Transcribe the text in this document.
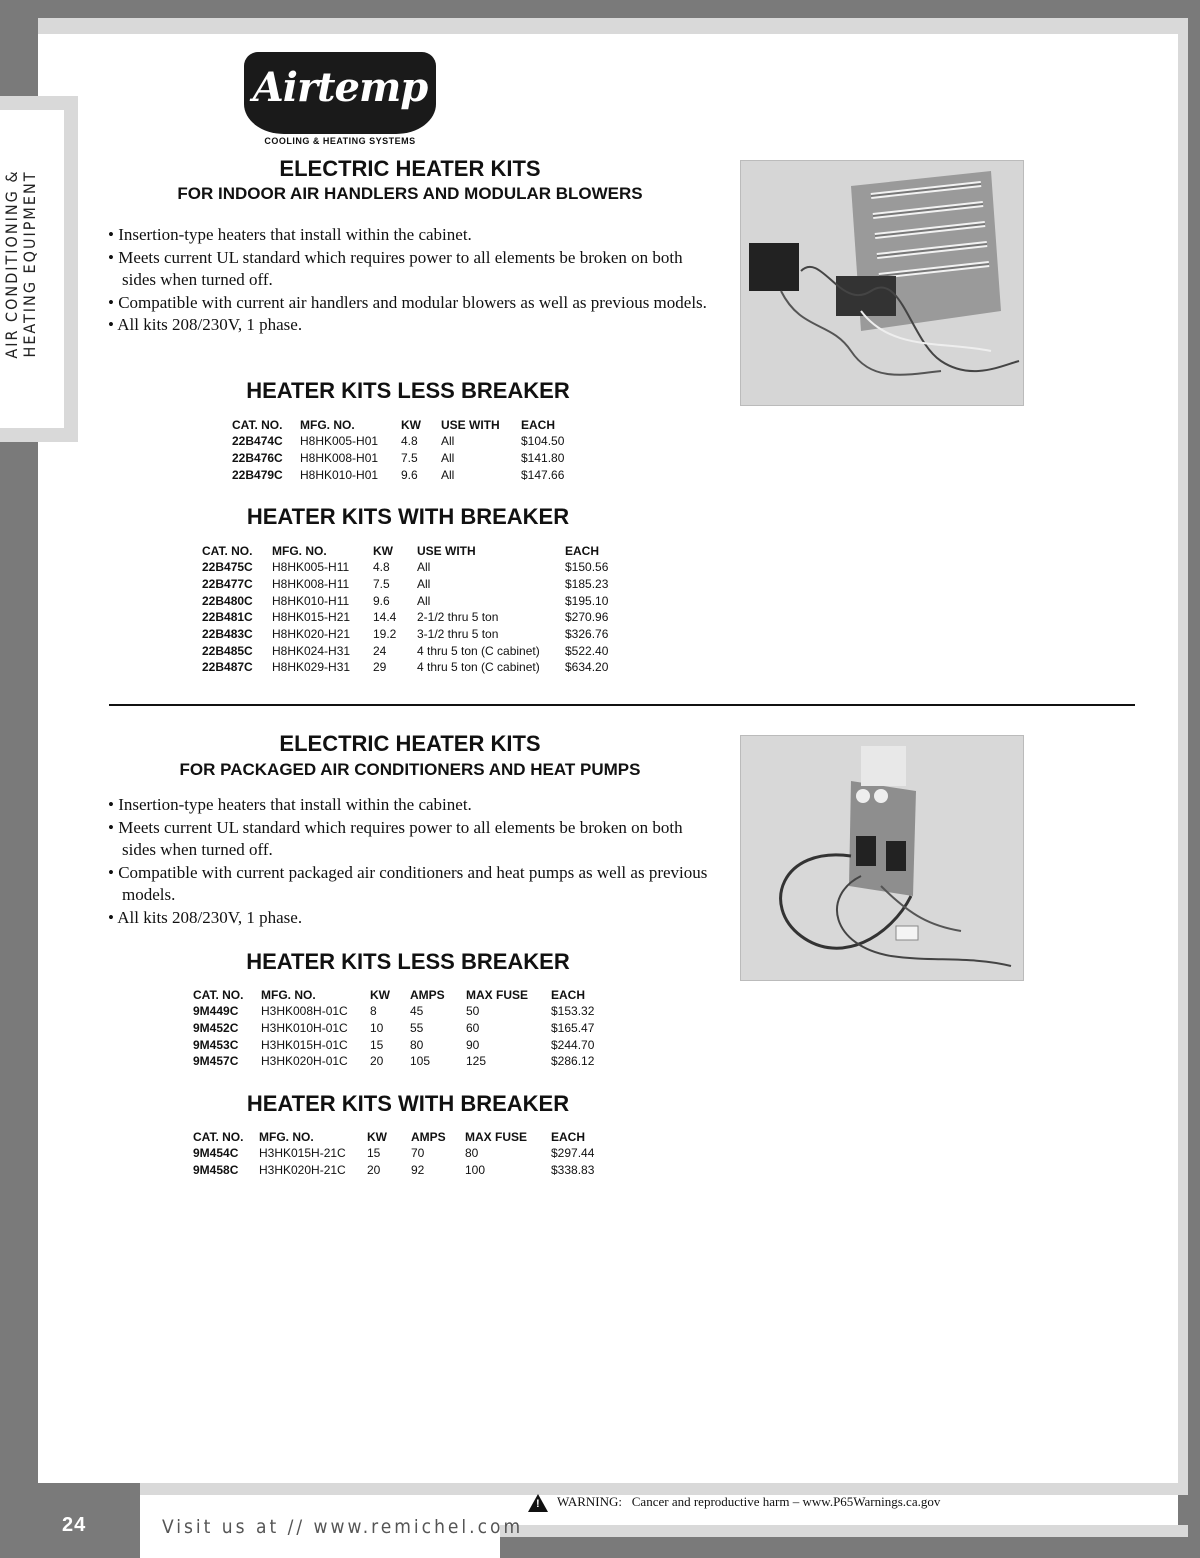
AIR CONDITIONING & HEATING EQUIPMENT
Airtemp
COOLING & HEATING SYSTEMS
ELECTRIC HEATER KITS
FOR INDOOR AIR HANDLERS AND MODULAR BLOWERS
• Insertion-type heaters that install within the cabinet.
• Meets current UL standard which requires power to all elements be broken on both sides when turned off.
• Compatible with current air handlers and modular blowers as well as previous models.
• All kits 208/230V, 1 phase.
HEATER KITS LESS BREAKER
CAT. NO.	MFG. NO.	KW	USE WITH	EACH
22B474C	H8HK005-H01	4.8	All	$104.50
22B476C	H8HK008-H01	7.5	All	$141.80
22B479C	H8HK010-H01	9.6	All	$147.66
HEATER KITS WITH BREAKER
CAT. NO.	MFG. NO.	KW	USE WITH	EACH
22B475C	H8HK005-H11	4.8	All	$150.56
22B477C	H8HK008-H11	7.5	All	$185.23
22B480C	H8HK010-H11	9.6	All	$195.10
22B481C	H8HK015-H21	14.4	2-1/2 thru 5 ton	$270.96
22B483C	H8HK020-H21	19.2	3-1/2 thru 5 ton	$326.76
22B485C	H8HK024-H31	24	4 thru 5 ton (C cabinet)	$522.40
22B487C	H8HK029-H31	29	4 thru 5 ton (C cabinet)	$634.20
ELECTRIC HEATER KITS
FOR PACKAGED AIR CONDITIONERS AND HEAT PUMPS
• Insertion-type heaters that install within the cabinet.
• Meets current UL standard which requires power to all elements be broken on both sides when turned off.
• Compatible with current packaged air conditioners and heat pumps as well as previous models.
• All kits 208/230V, 1 phase.
HEATER KITS LESS BREAKER
CAT. NO.	MFG. NO.	KW	AMPS	MAX FUSE	EACH
9M449C	H3HK008H-01C	8	45	50	$153.32
9M452C	H3HK010H-01C	10	55	60	$165.47
9M453C	H3HK015H-01C	15	80	90	$244.70
9M457C	H3HK020H-01C	20	105	125	$286.12
HEATER KITS WITH BREAKER
CAT. NO.	MFG. NO.	KW	AMPS	MAX FUSE	EACH
9M454C	H3HK015H-21C	15	70	80	$297.44
9M458C	H3HK020H-21C	20	92	100	$338.83
24	Visit us at // www.remichel.com
! WARNING: Cancer and reproductive harm – www.P65Warnings.ca.gov
